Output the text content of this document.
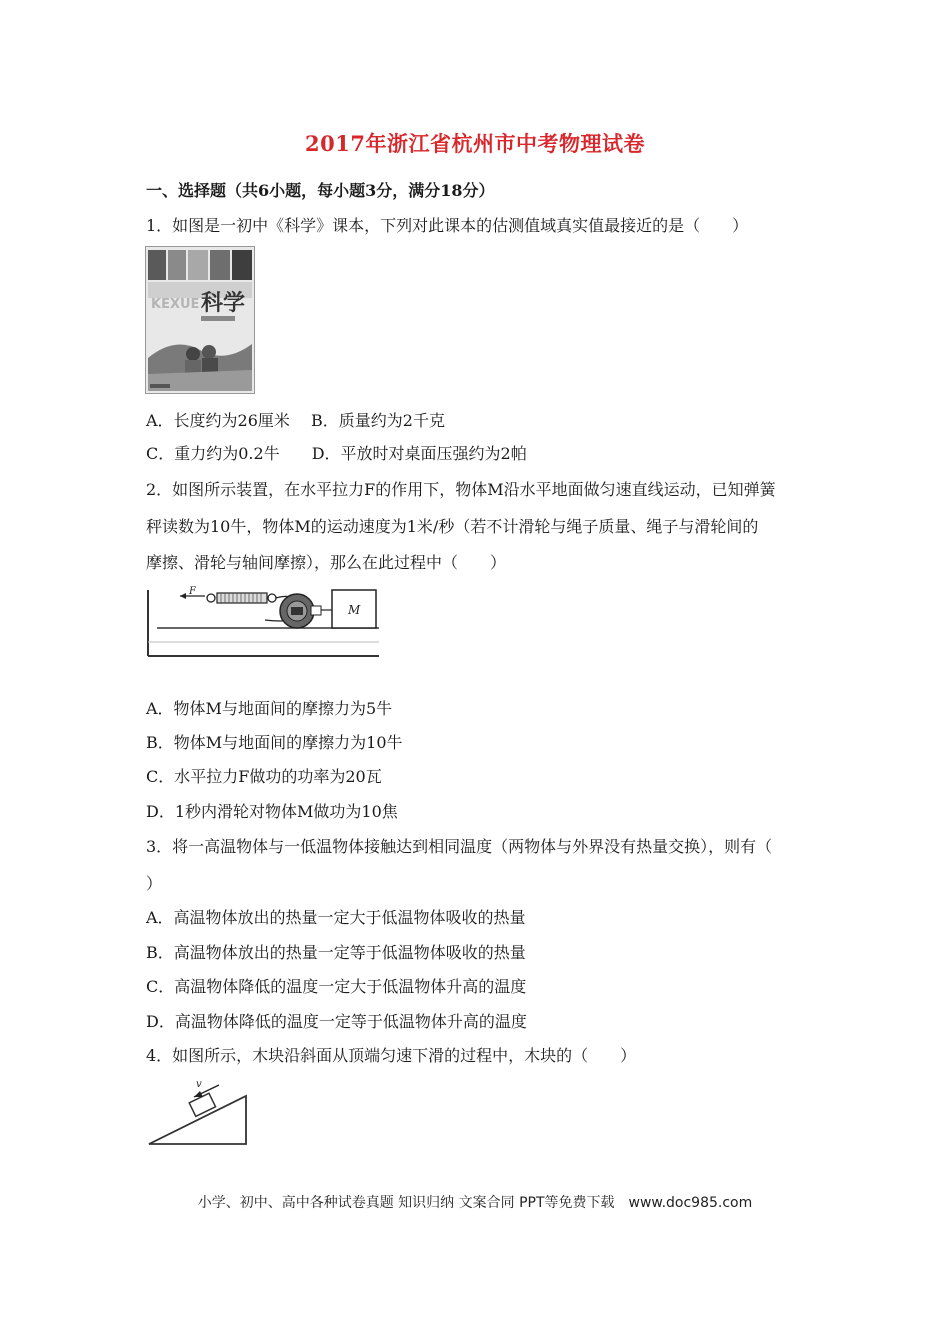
2017年浙江省杭州市中考物理试卷
一、选择题（共6小题，每小题3分，满分18分）
1．如图是一初中《科学》课本，下列对此课本的估测值域真实值最接近的是（　　）
KEXUE 科学
A．长度约为26厘米　 B．质量约为2千克
C．重力约为0.2牛　　D．平放时对桌面压强约为2帕
2．如图所示装置，在水平拉力F的作用下，物体M沿水平地面做匀速直线运动，已知弹簧
秤读数为10牛，物体M的运动速度为1米/秒（若不计滑轮与绳子质量、绳子与滑轮间的
摩擦、滑轮与轴间摩擦），那么在此过程中（　　）
F
M
A．物体M与地面间的摩擦力为5牛
B．物体M与地面间的摩擦力为10牛
C．水平拉力F做功的功率为20瓦
D．1秒内滑轮对物体M做功为10焦
3．将一高温物体与一低温物体接触达到相同温度（两物体与外界没有热量交换），则有（
）
A．高温物体放出的热量一定大于低温物体吸收的热量
B．高温物体放出的热量一定等于低温物体吸收的热量
C．高温物体降低的温度一定大于低温物体升高的温度
D．高温物体降低的温度一定等于低温物体升高的温度
4．如图所示，木块沿斜面从顶端匀速下滑的过程中，木块的（　　）
v
小学、初中、高中各种试卷真题 知识归纳 文案合同 PPT等免费下载　www.doc985.com
